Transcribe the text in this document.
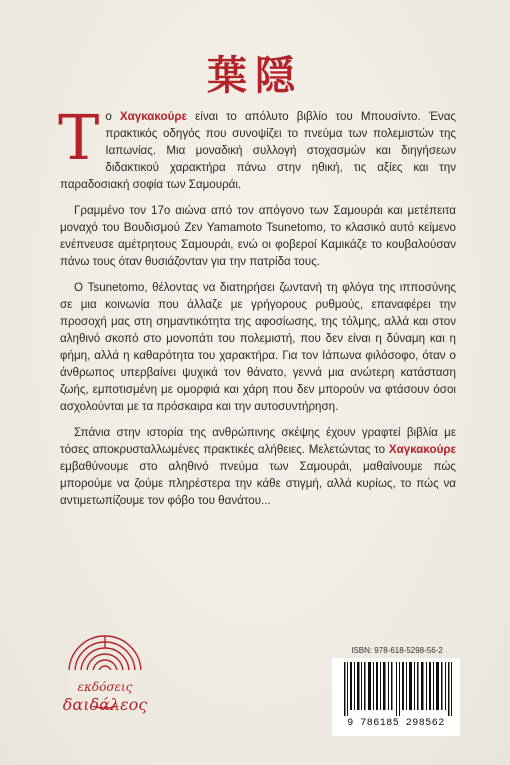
葉隠

Το Χαγκακούρε είναι το απόλυτο βιβλίο του Μπουσίντο. Ένας πρακτικός οδηγός που συνοψίζει το πνεύμα των πολεμιστών της Ιαπωνίας. Μια μοναδική συλλογή στοχασμών και διηγήσεων διδακτικού χαρακτήρα πάνω στην ηθική, τις αξίες και την παραδοσιακή σοφία των Σαμουράι.

Γραμμένο τον 17ο αιώνα από τον απόγονο των Σαμουράι και μετέπειτα μοναχό του Βουδισμού Ζεν Yamamoto Tsunetomo, το κλασικό αυτό κείμενο ενέπνευσε αμέτρητους Σαμουράι, ενώ οι φοβεροί Καμικάζε το κουβαλούσαν πάνω τους όταν θυσιάζονταν για την πατρίδα τους.

Ο Tsunetomo, θέλοντας να διατηρήσει ζωντανή τη φλόγα της ιπποσύνης σε μια κοινωνία που άλλαζε με γρήγορους ρυθμούς, επαναφέρει την προσοχή μας στη σημαντικότητα της αφοσίωσης, της τόλμης, αλλά και στον αληθινό σκοπό στο μονοπάτι του πολεμιστή, που δεν είναι η δύναμη και η φήμη, αλλά η καθαρότητα του χαρακτήρα. Για τον Ιάπωνα φιλόσοφο, όταν ο άνθρωπος υπερβαίνει ψυχικά τον θάνατο, γεννά μια ανώτερη κατάσταση ζωής, εμποτισμένη με ομορφιά και χάρη που δεν μπορούν να φτάσουν όσοι ασχολούνται με τα πρόσκαιρα και την αυτοσυντήρηση.

Σπάνια στην ιστορία της ανθρώπινης σκέψης έχουν γραφτεί βιβλία με τόσες αποκρυσταλλωμένες πρακτικές αλήθειες. Μελετώντας το Χαγκακούρε εμβαθύνουμε στο αληθινό πνεύμα των Σαμουράι, μαθαίνουμε πώς μπορούμε να ζούμε πληρέστερα την κάθε στιγμή, αλλά κυρίως, το πώς να αντιμετωπίζουμε τον φόβο του θανάτου...

εκδόσεις
δαιδάλεος
ISBN: 978-618-5298-56-2
9 786185 298562
